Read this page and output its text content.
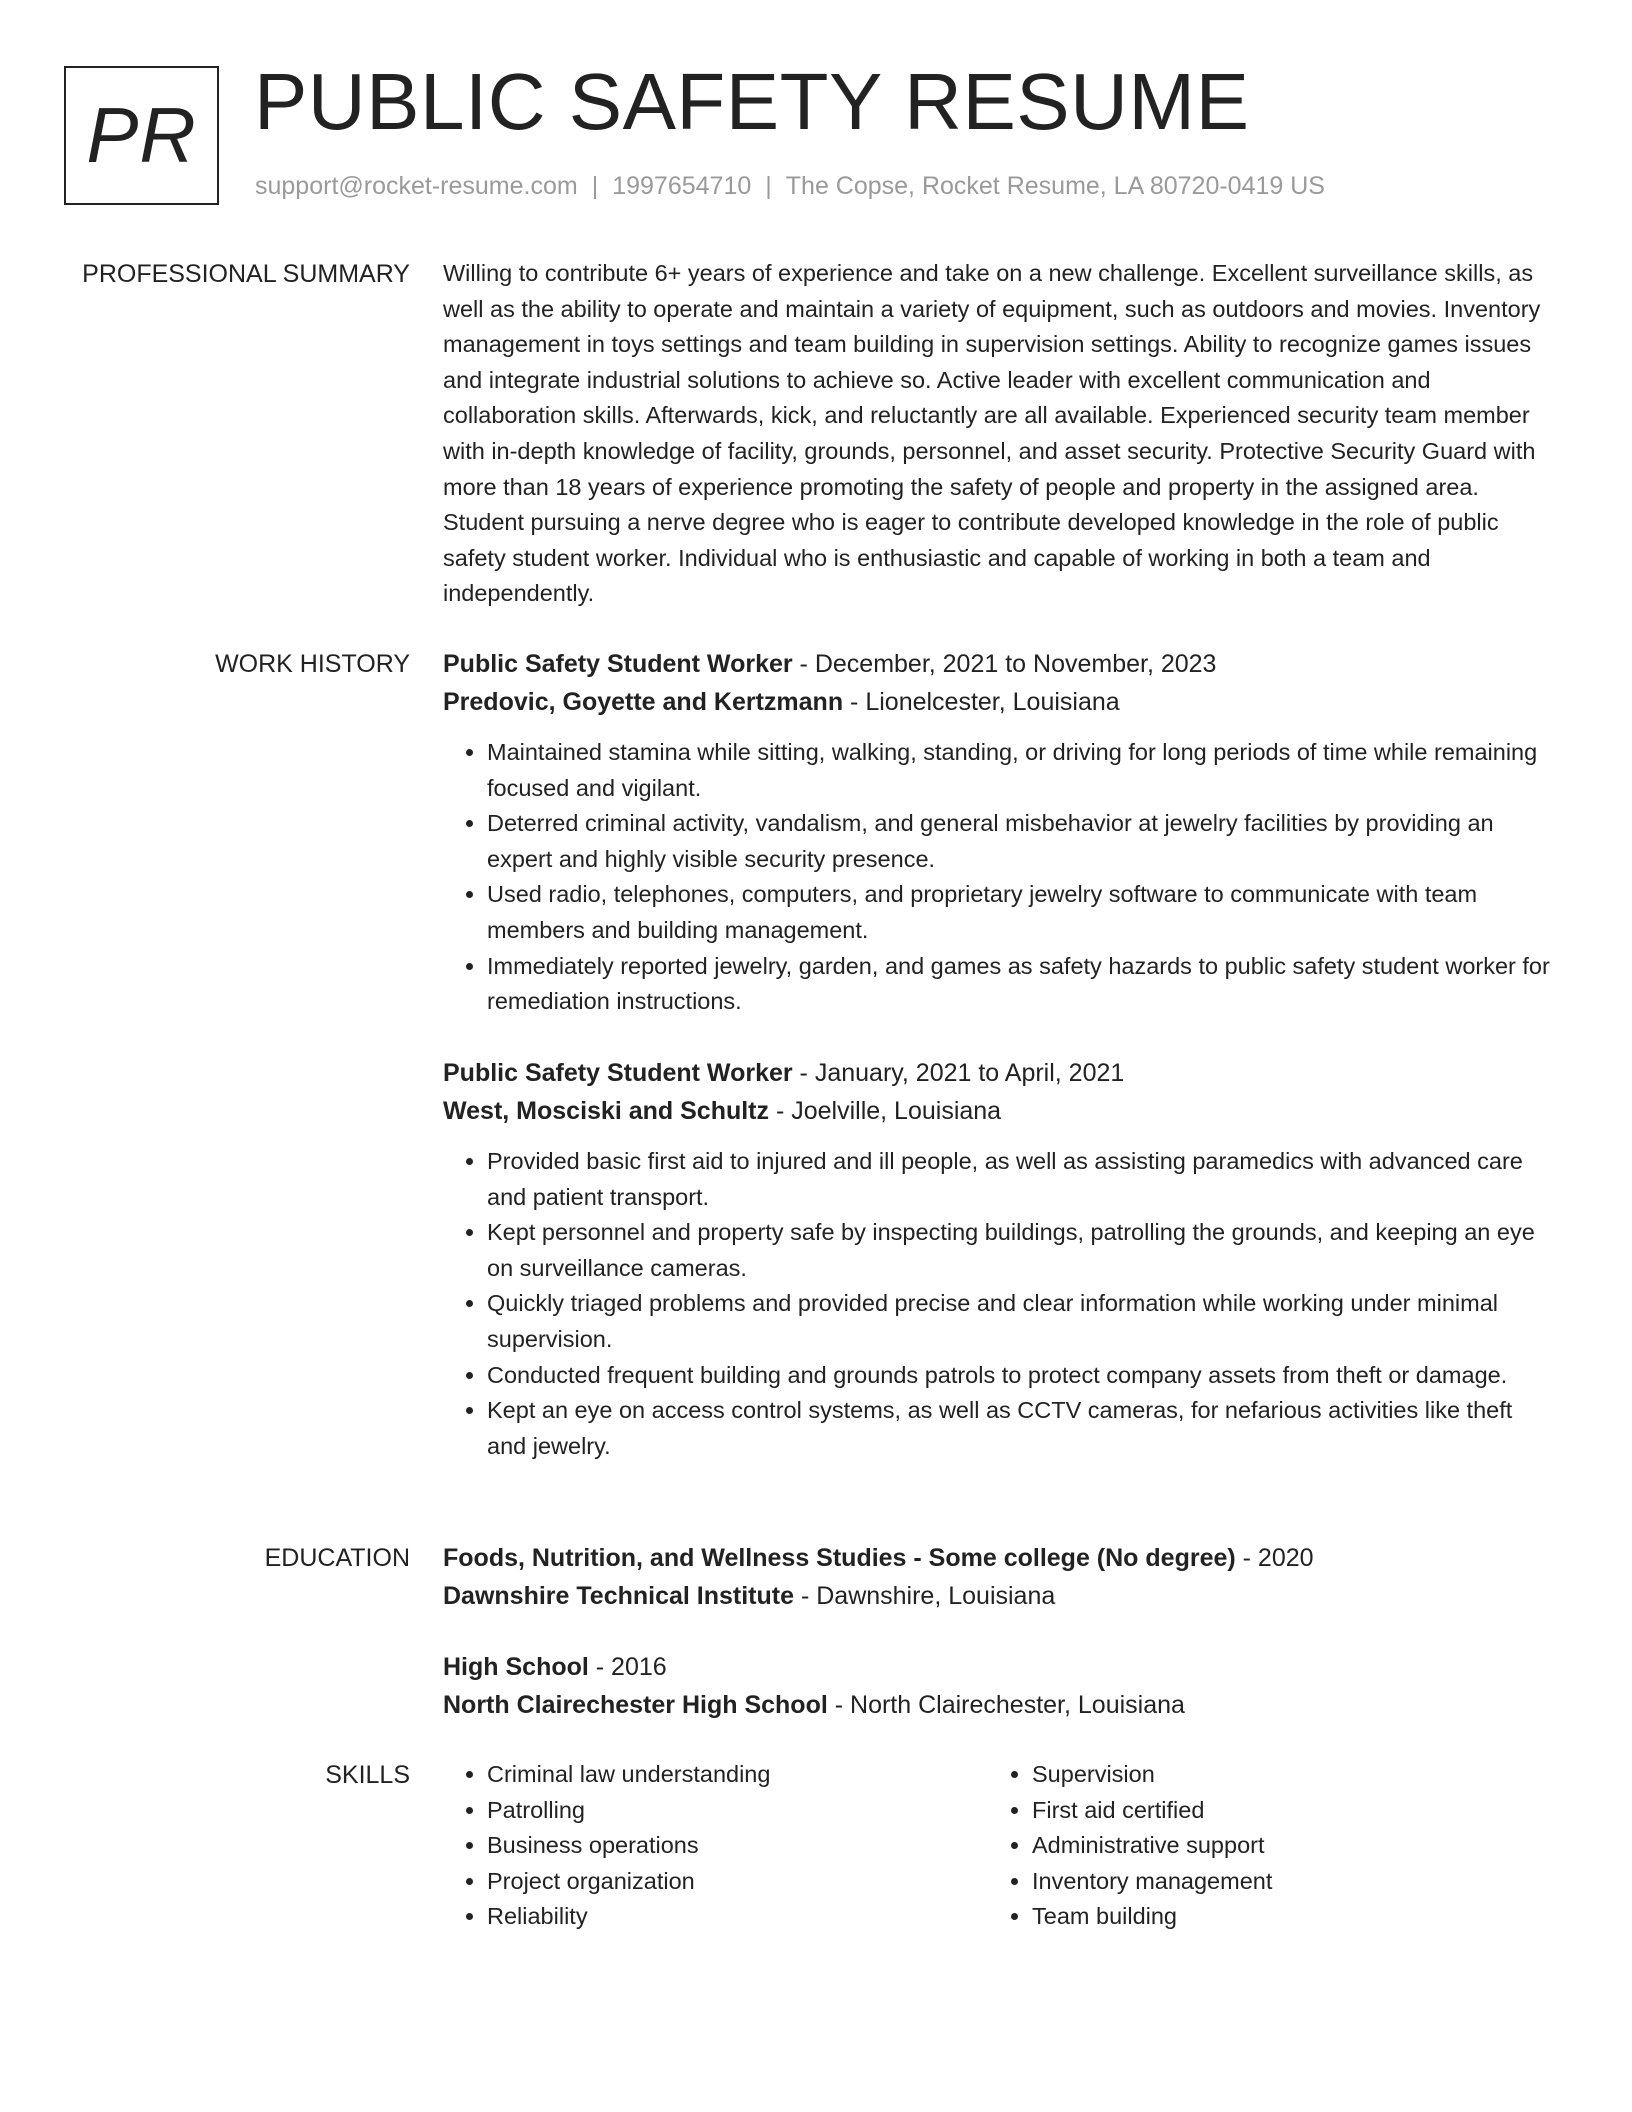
PR PUBLIC SAFETY RESUME
support@rocket-resume.com | 1997654710 | The Copse, Rocket Resume, LA 80720-0419 US
PROFESSIONAL SUMMARY Willing to contribute 6+ years of experience and take on a new challenge. Excellent surveillance skills, as well as the ability to operate and maintain a variety of equipment, such as outdoors and movies. Inventory management in toys settings and team building in supervision settings. Ability to recognize games issues and integrate industrial solutions to achieve so. Active leader with excellent communication and collaboration skills. Afterwards, kick, and reluctantly are all available. Experienced security team member with in-depth knowledge of facility, grounds, personnel, and asset security. Protective Security Guard with more than 18 years of experience promoting the safety of people and property in the assigned area. Student pursuing a nerve degree who is eager to contribute developed knowledge in the role of public safety student worker. Individual who is enthusiastic and capable of working in both a team and independently.

WORK HISTORY Public Safety Student Worker - December, 2021 to November, 2023
Predovic, Goyette and Kertzmann - Lionelcester, Louisiana
• Maintained stamina while sitting, walking, standing, or driving for long periods of time while remaining focused and vigilant.
• Deterred criminal activity, vandalism, and general misbehavior at jewelry facilities by providing an expert and highly visible security presence.
• Used radio, telephones, computers, and proprietary jewelry software to communicate with team members and building management.
• Immediately reported jewelry, garden, and games as safety hazards to public safety student worker for remediation instructions.
Public Safety Student Worker - January, 2021 to April, 2021
West, Mosciski and Schultz - Joelville, Louisiana
• Provided basic first aid to injured and ill people, as well as assisting paramedics with advanced care and patient transport.
• Kept personnel and property safe by inspecting buildings, patrolling the grounds, and keeping an eye on surveillance cameras.
• Quickly triaged problems and provided precise and clear information while working under minimal supervision.
• Conducted frequent building and grounds patrols to protect company assets from theft or damage.
• Kept an eye on access control systems, as well as CCTV cameras, for nefarious activities like theft and jewelry.
EDUCATION Foods, Nutrition, and Wellness Studies - Some college (No degree) - 2020
Dawnshire Technical Institute - Dawnshire, Louisiana
High School - 2016
North Clairechester High School - North Clairechester, Louisiana
SKILLS
•	Criminal law understanding
• Patrolling
• Business operations
• Project organization
• Reliability
• Supervision
• First aid certified
• Administrative support
• Inventory management
• Team building
